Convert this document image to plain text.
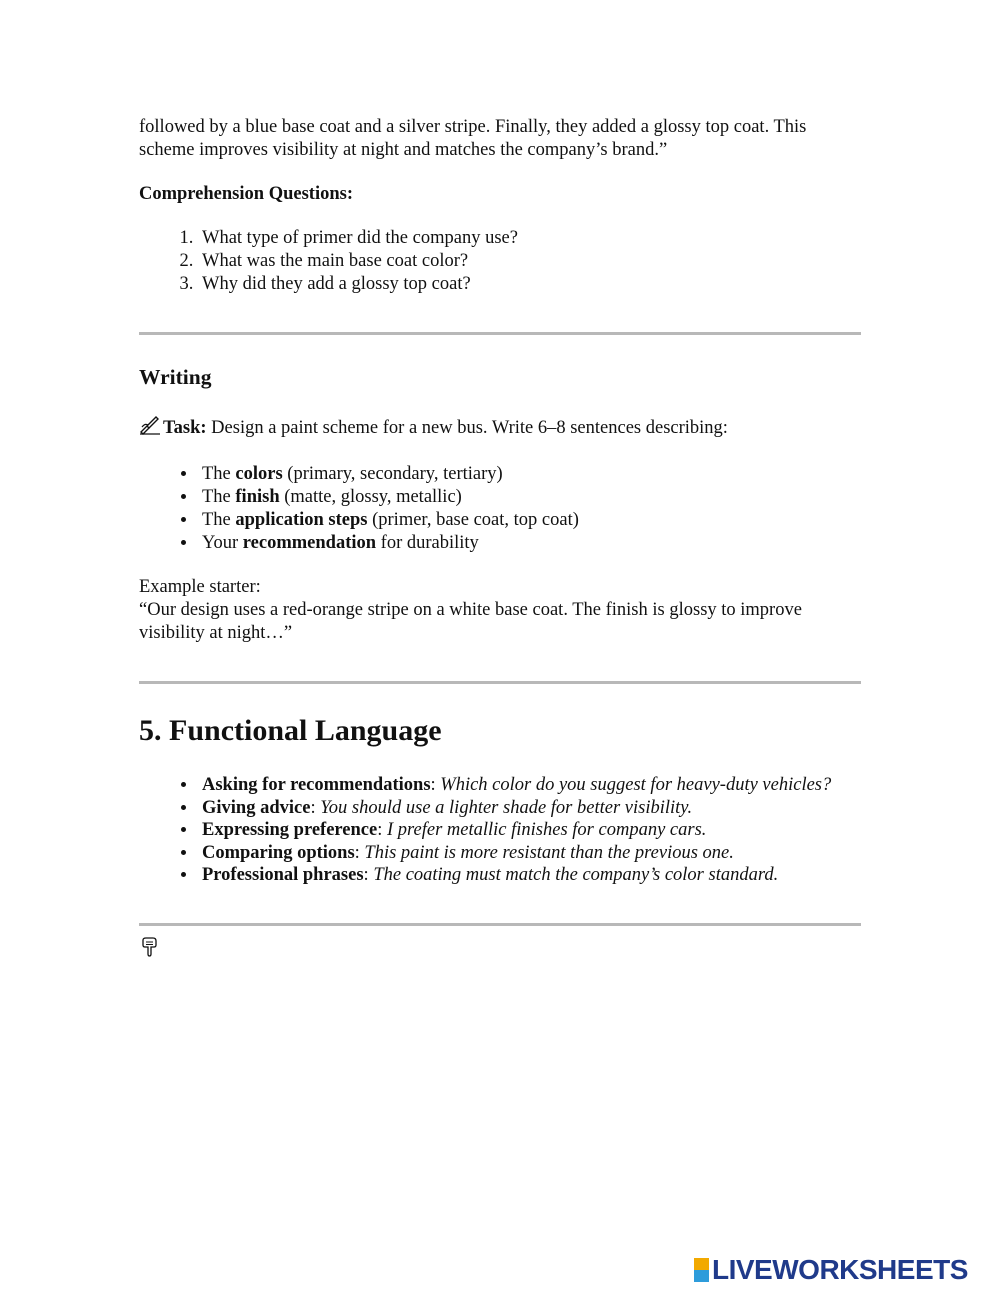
followed by a blue base coat and a silver stripe. Finally, they added a glossy top coat. This

scheme improves visibility at night and matches the company’s brand.”

Comprehension Questions:

1. What type of primer did the company use?
2. What was the main base coat color?
3. Why did they add a glossy top coat?
Writing

Task: Design a paint scheme for a new bus. Write 6–8 sentences describing:

• The colors (primary, secondary, tertiary)
• The finish (matte, glossy, metallic)
• The application steps (primer, base coat, top coat)
• Your recommendation for durability

Example starter:

“Our design uses a red-orange stripe on a white base coat. The finish is glossy to improve

visibility at night…”

5. Functional Language
• Asking for recommendations: Which color do you suggest for heavy-duty vehicles?
• Giving advice: You should use a lighter shade for better visibility.
• Expressing preference: I prefer metallic finishes for company cars.
• Comparing options: This paint is more resistant than the previous one.
• Professional phrases: The coating must match the company’s color standard.
LIVEWORKSHEETS
